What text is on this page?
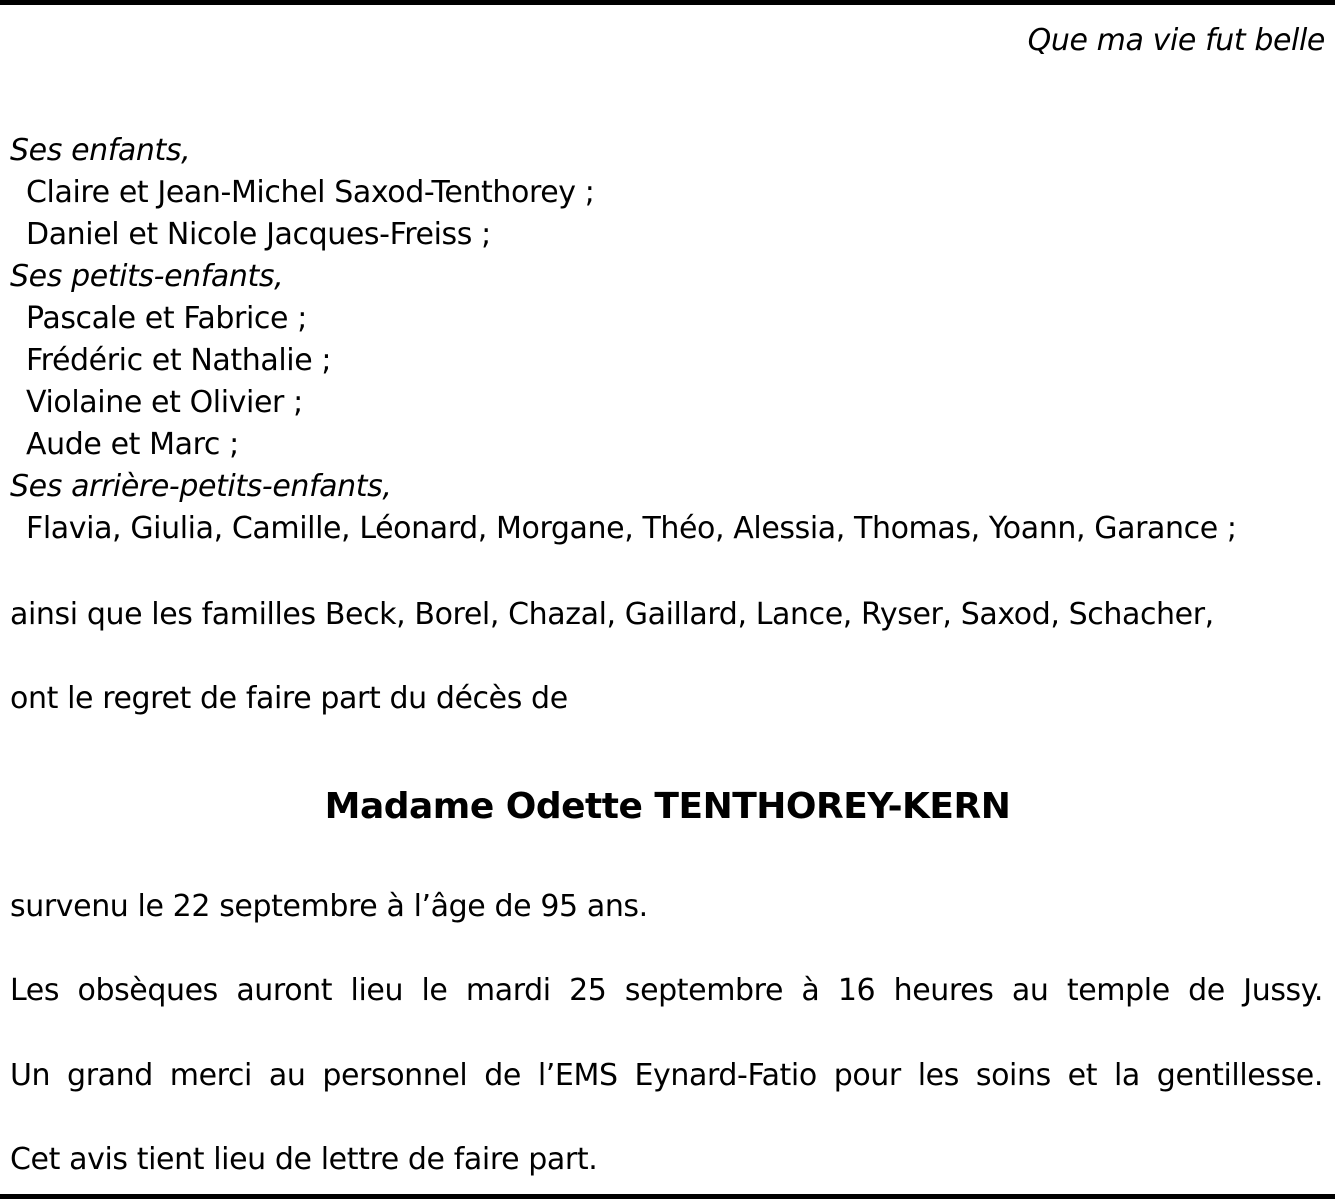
Que ma vie fut belle
Ses enfants,
Claire et Jean-Michel Saxod-Tenthorey ;
Daniel et Nicole Jacques-Freiss ;
Ses petits-enfants,
Pascale et Fabrice ;
Frédéric et Nathalie ;
Violaine et Olivier ;
Aude et Marc ;
Ses arrière-petits-enfants,
Flavia, Giulia, Camille, Léonard, Morgane, Théo, Alessia, Thomas, Yoann, Garance ;
ainsi que les familles Beck, Borel, Chazal, Gaillard, Lance, Ryser, Saxod, Schacher,
ont le regret de faire part du décès de
Madame Odette TENTHOREY-KERN
survenu le 22 septembre à l’âge de 95 ans.
Les obsèques auront lieu le mardi 25 septembre à 16 heures au temple de Jussy.
Un grand merci au personnel de l’EMS Eynard-Fatio pour les soins et la gentillesse.
Cet avis tient lieu de lettre de faire part.
